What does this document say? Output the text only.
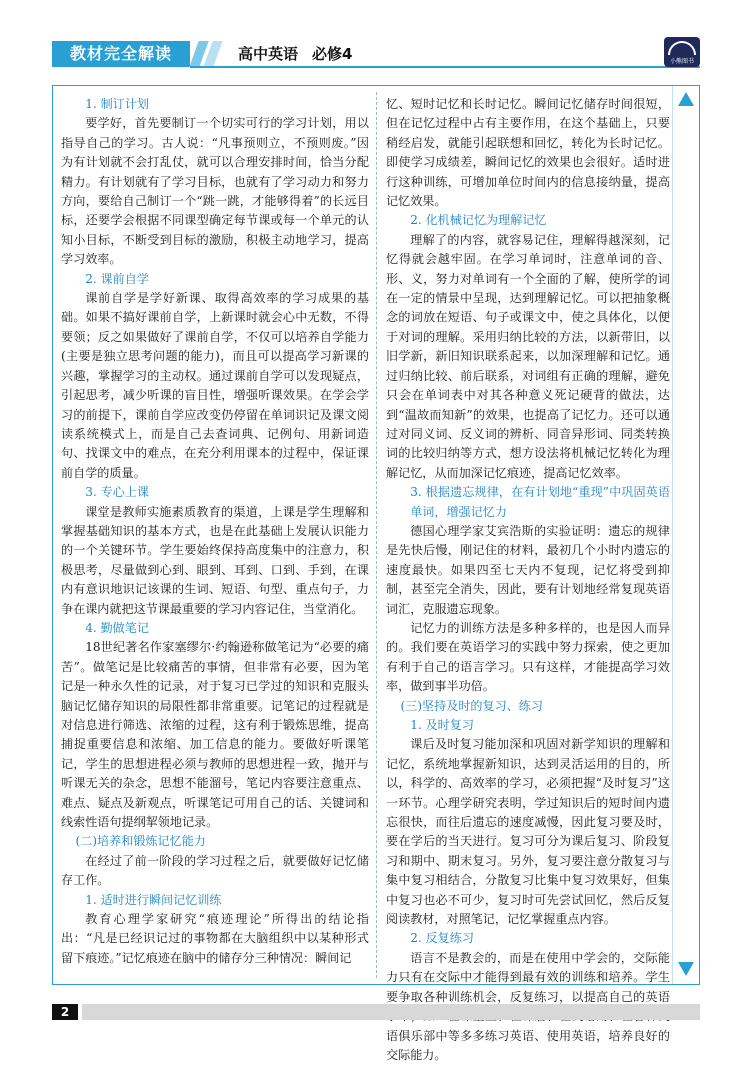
教材完全解读	高中英语 必修4	小熊图书

1. 制订计划

要学好，首先要制订一个切实可行的学习计划，用以指导自己的学习。古人说：“凡事预则立，不预则废。”因为有计划就不会打乱仗，就可以合理安排时间，恰当分配精力。有计划就有了学习目标，也就有了学习动力和努力方向，要给自己制订一个“跳一跳，才能够得着”的长远目标，还要学会根据不同课型确定每节课或每一个单元的认知小目标，不断受到目标的激励，积极主动地学习，提高学习效率。

2. 课前自学

课前自学是学好新课、取得高效率的学习成果的基础。如果不搞好课前自学，上新课时就会心中无数，不得要领；反之如果做好了课前自学，不仅可以培养自学能力(主要是独立思考问题的能力)，而且可以提高学习新课的兴趣，掌握学习的主动权。通过课前自学可以发现疑点，引起思考，减少听课的盲目性，增强听课效果。在学会学习的前提下，课前自学应改变仍停留在单词识记及课文阅读系统模式上，而是自己去查词典、记例句、用新词造句、找课文中的难点，在充分利用课本的过程中，保证课前自学的质量。

3. 专心上课

课堂是教师实施素质教育的渠道，上课是学生理解和掌握基础知识的基本方式，也是在此基础上发展认识能力的一个关键环节。学生要始终保持高度集中的注意力，积极思考，尽量做到心到、眼到、耳到、口到、手到，在课内有意识地识记该课的生词、短语、句型、重点句子，力争在课内就把这节课最重要的学习内容记住，当堂消化。

4. 勤做笔记

18世纪著名作家塞缪尔·约翰逊称做笔记为“必要的痛苦”。做笔记是比较痛苦的事情，但非常有必要，因为笔记是一种永久性的记录，对于复习已学过的知识和克服头脑记忆储存知识的局限性都非常重要。记笔记的过程就是对信息进行筛选、浓缩的过程，这有利于锻炼思维，提高捕捉重要信息和浓缩、加工信息的能力。要做好听课笔记，学生的思想进程必须与教师的思想进程一致，抛开与听课无关的杂念，思想不能溜号，笔记内容要注意重点、难点、疑点及新观点，听课笔记可用自己的话、关键词和线索性语句提纲挈领地记录。

(二)培养和锻炼记忆能力

在经过了前一阶段的学习过程之后，就要做好记忆储存工作。

1. 适时进行瞬间记忆训练

教育心理学家研究“痕迹理论”所得出的结论指出：“凡是已经识记过的事物都在大脑组织中以某种形式留下痕迹。”记忆痕迹在脑中的储存分三种情况：瞬间记

忆、短时记忆和长时记忆。瞬间记忆储存时间很短，但在记忆过程中占有主要作用，在这个基础上，只要稍经启发，就能引起联想和回忆，转化为长时记忆。即使学习成绩差，瞬间记忆的效果也会很好。适时进行这种训练，可增加单位时间内的信息接纳量，提高记忆效果。

2. 化机械记忆为理解记忆

理解了的内容，就容易记住，理解得越深刻，记忆得就会越牢固。在学习单词时，注意单词的音、形、义，努力对单词有一个全面的了解，使所学的词在一定的情景中呈现，达到理解记忆。可以把抽象概念的词放在短语、句子或课文中，使之具体化，以便于对词的理解。采用归纳比较的方法，以新带旧，以旧学新，新旧知识联系起来，以加深理解和记忆。通过归纳比较、前后联系，对词组有正确的理解，避免只会在单词表中对其各种意义死记硬背的做法，达到“温故而知新”的效果，也提高了记忆力。还可以通过对同义词、反义词的辨析、同音异形词、同类转换词的比较归纳等方式，想方设法将机械记忆转化为理解记忆，从而加深记忆痕迹，提高记忆效率。

3. 根据遗忘规律，在有计划地“重现”中巩固英语单词，增强记忆力

德国心理学家艾宾浩斯的实验证明：遗忘的规律是先快后慢，刚记住的材料，最初几个小时内遗忘的速度最快。如果四至七天内不复现，记忆将受到抑制，甚至完全消失，因此，要有计划地经常复现英语词汇，克服遗忘现象。

记忆力的训练方法是多种多样的，也是因人而异的。我们要在英语学习的实践中努力探索，使之更加有利于自己的语言学习。只有这样，才能提高学习效率，做到事半功倍。

(三)坚持及时的复习、练习

1. 及时复习

课后及时复习能加深和巩固对新学知识的理解和记忆，系统地掌握新知识，达到灵活运用的目的，所以，科学的、高效率的学习，必须把握“及时复习”这一环节。心理学研究表明，学过知识后的短时间内遗忘很快，而往后遗忘的速度减慢，因此复习要及时，要在学后的当天进行。复习可分为课后复习、阶段复习和期中、期末复习。另外，复习要注意分散复习与集中复习相结合，分散复习比集中复习效果好，但集中复习也必不可少，复习时可先尝试回忆，然后反复阅读教材，对照笔记，记忆掌握重点内容。

2. 反复练习

语言不是教会的，而是在使用中学会的，交际能力只有在交际中才能得到最有效的训练和培养。学生要争取各种训练机会，反复练习，以提高自己的英语 语俱乐部中等多多练习英语、使用英语，培养良好的交际能力。

2
